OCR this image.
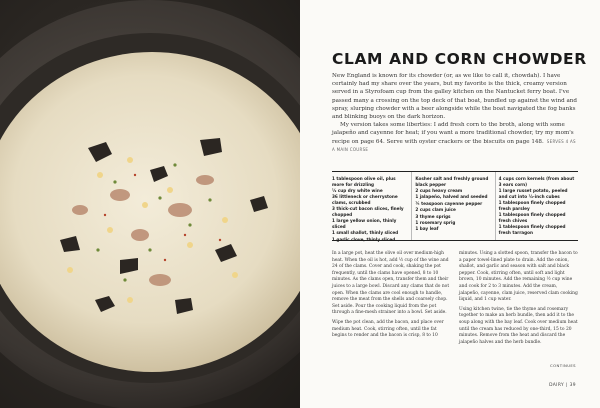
CLAM AND CORN CHOWDER

New England is known for its chowder (or, as we like to call it, chowdah). I have certainly had my share over the years, but my favorite is the thick, creamy version served in a Styrofoam cup from the galley kitchen on the Nantucket ferry boat. I've passed many a crossing on the top deck of that boat, bundled up against the wind and spray, slurping chowder with a beer alongside while the boat navigated the fog banks and blinking buoys on the dark horizon.

My version takes some liberties: I add fresh corn to the broth, along with some jalapeño and cayenne for heat; if you want a more traditional chowder, try my mom's recipe on page 64. Serve with oyster crackers or the biscuits on page 148. SERVES 4 AS A MAIN COURSE

1 tablespoon olive oil, plus more for drizzling
½ cup dry white wine
36 littleneck or cherrystone clams, scrubbed
3 thick-cut bacon slices, finely chopped
1 large yellow onion, thinly sliced
1 small shallot, thinly sliced
1 garlic clove, thinly sliced
Kosher salt and freshly ground black pepper
2 cups heavy cream
1 jalapeño, halved and seeded
¼ teaspoon cayenne pepper
2 cups clam juice
3 thyme sprigs
1 rosemary sprig
1 bay leaf
4 cups corn kernels (from about 3 ears corn)
1 large russet potato, peeled and cut into ½-inch cubes
1 tablespoon finely chopped fresh parsley
1 tablespoon finely chopped fresh chives
1 tablespoon finely chopped fresh tarragon

In a large pot, heat the olive oil over medium-high heat. When the oil is hot, add ½ cup of the wine and 24 of the clams. Cover and cook, shaking the pot frequently, until the clams have opened, 8 to 10 minutes. As the clams open, transfer them and their juices to a large bowl. Discard any clams that do not open. When the clams are cool enough to handle, remove the meat from the shells and coarsely chop. Set aside. Pour the cooking liquid from the pot through a fine-mesh strainer into a bowl. Set aside.

Wipe the pot clean, add the bacon, and place over medium heat. Cook, stirring often, until the fat begins to render and the bacon is crisp, 8 to 10

minutes. Using a slotted spoon, transfer the bacon to a paper towel-lined plate to drain. Add the onion, shallot, and garlic and season with salt and black pepper. Cook, stirring often, until soft and light brown, 10 minutes. Add the remaining ½ cup wine and cook for 2 to 3 minutes. Add the cream, jalapeño, cayenne, clam juice, reserved clam cooking liquid, and 1 cup water.

Using kitchen twine, tie the thyme and rosemary together to make an herb bundle, then add it to the soup along with the bay leaf. Cook over medium heat until the cream has reduced by one-third, 15 to 20 minutes. Remove from the heat and discard the jalapeño halves and the herb bundle.

CONTINUES
DAIRY | 39
